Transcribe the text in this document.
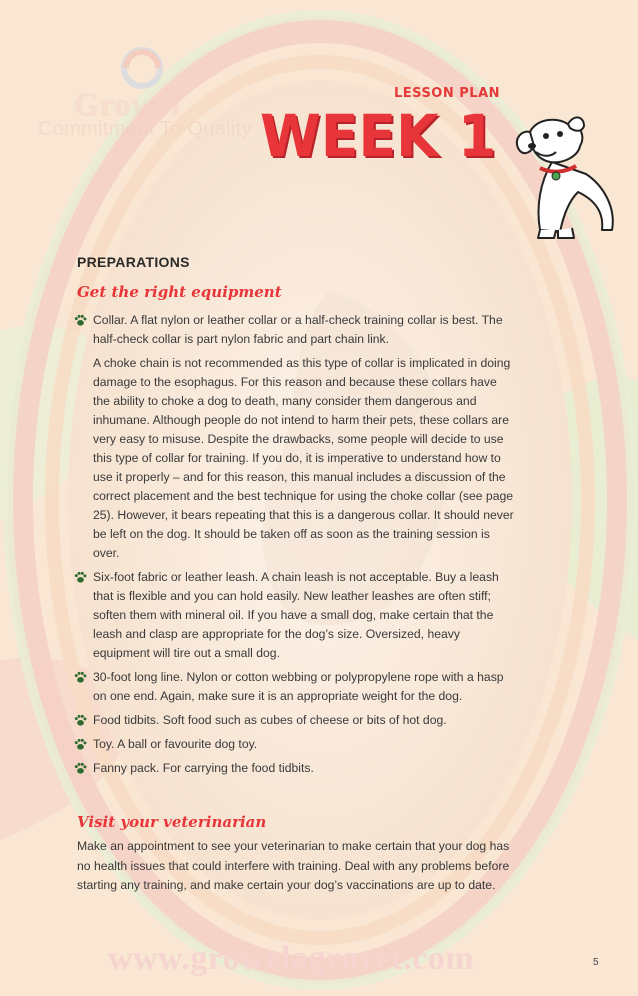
Growel
Commitment To Quality
LESSON PLAN
WEEK 1
PREPARATIONS
Get the right equipment

Collar. A flat nylon or leather collar or a half-check training collar is best. The half-check collar is part nylon fabric and part chain link.

A choke chain is not recommended as this type of collar is implicated in doing damage to the esophagus. For this reason and because these collars have the ability to choke a dog to death, many consider them dangerous and inhumane. Although people do not intend to harm their pets, these collars are very easy to misuse. Despite the drawbacks, some people will decide to use this type of collar for training. If you do, it is imperative to understand how to use it properly – and for this reason, this manual includes a discussion of the correct placement and the best technique for using the choke collar (see page 25). However, it bears repeating that this is a dangerous collar. It should never be left on the dog. It should be taken off as soon as the training session is over.

Six-foot fabric or leather leash. A chain leash is not acceptable. Buy a leash that is flexible and you can hold easily. New leather leashes are often stiff; soften them with mineral oil. If you have a small dog, make certain that the leash and clasp are appropriate for the dog’s size. Oversized, heavy equipment will tire out a small dog.

30-foot long line. Nylon or cotton webbing or polypropylene rope with a hasp on one end. Again, make sure it is an appropriate weight for the dog.

Food tidbits. Soft food such as cubes of cheese or bits of hot dog.

Toy. A ball or favourite dog toy.

Fanny pack. For carrying the food tidbits.

Visit your veterinarian
Make an appointment to see your veterinarian to make certain that your dog has no health issues that could interfere with training. Deal with any problems before starting any training, and make certain your dog’s vaccinations are up to date.
www.growelagrovet.com	5
